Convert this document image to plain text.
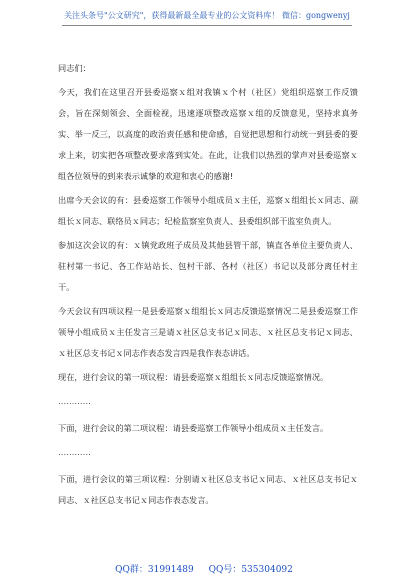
关注头条号"公文研究"，获得最新最全最专业的公文资料库！ 微信：gongwenyj

同志们：

今天，我们在这里召开县委巡察ｘ组对我镇ｘ个村（社区）党组织巡察工作反馈会，旨在深刻领会、全面检视，迅速逐项整改巡察ｘ组的反馈意见，坚持求真务实、举一反三，以高度的政治责任感和使命感，自觉把思想和行动统一到县委的要求上来，切实把各项整改要求落到实处。在此，让我们以热烈的掌声对县委巡察ｘ组各位领导的到来表示诚挚的欢迎和衷心的感谢!

出席今天会议的有：县委巡察工作领导小组成员ｘ主任，巡察ｘ组组长ｘ同志、副组长ｘ同志、联络员ｘ同志；纪检监察室负责人、县委组织部干监室负责人。

参加这次会议的有：ｘ镇党政班子成员及其他县管干部，镇直各单位主要负责人、驻村第一书记、各工作站站长、包村干部、各村（社区）书记以及部分离任村主干。

今天会议有四项议程一是县委巡察ｘ组组长ｘ同志反馈巡察情况二是县委巡察工作领导小组成员ｘ主任发言三是请ｘ社区总支书记ｘ同志、ｘ社区总支书记ｘ同志、ｘ社区总支书记ｘ同志作表态发言四是我作表态讲话。

现在，进行会议的第一项议程：请县委巡察ｘ组组长ｘ同志反馈巡察情况。

…………

下面，进行会议的第二项议程：请县委巡察工作领导小组成员ｘ主任发言。

…………

下面，进行会议的第三项议程：分别请ｘ社区总支书记ｘ同志、ｘ社区总支书记ｘ同志、ｘ社区总支书记ｘ同志作表态发言。

QQ群：31991489 QQ号：535304092
